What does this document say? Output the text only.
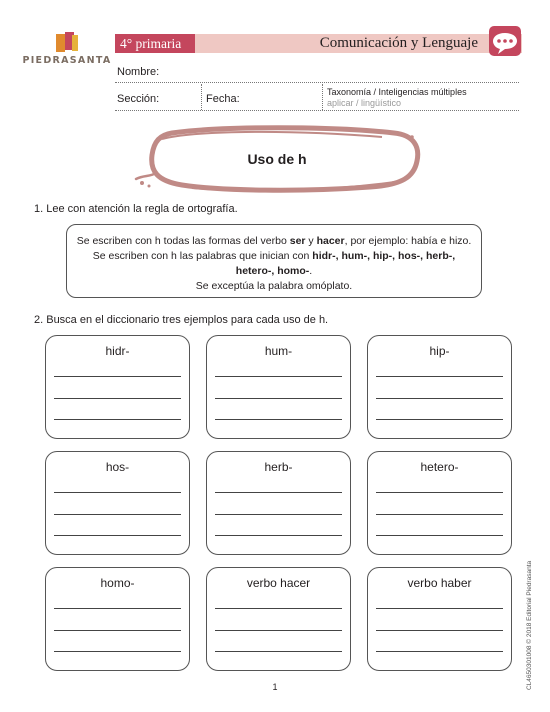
PIEDRASANTA
4° primaria	Comunicación y Lenguaje
Nombre:
Sección:	Fecha:
Taxonomía / Inteligencias múltiples
aplicar / lingüístico
Uso de h
1. Lee con atención la regla de ortografía.
Se escriben con h todas las formas del verbo ser y hacer, por ejemplo: había e hizo.
Se escriben con h las palabras que inician con hidr-, hum-, hip-, hos-, herb-,
hetero-, homo-.
Se exceptúa la palabra omóplato.
2. Busca en el diccionario tres ejemplos para cada uso de h.
hidr-	hum-	hip-
hos-	herb-	hetero-
homo-	verbo hacer	verbo haber	CL4650301008 © 2018 Editorial Piedrasanta
1
